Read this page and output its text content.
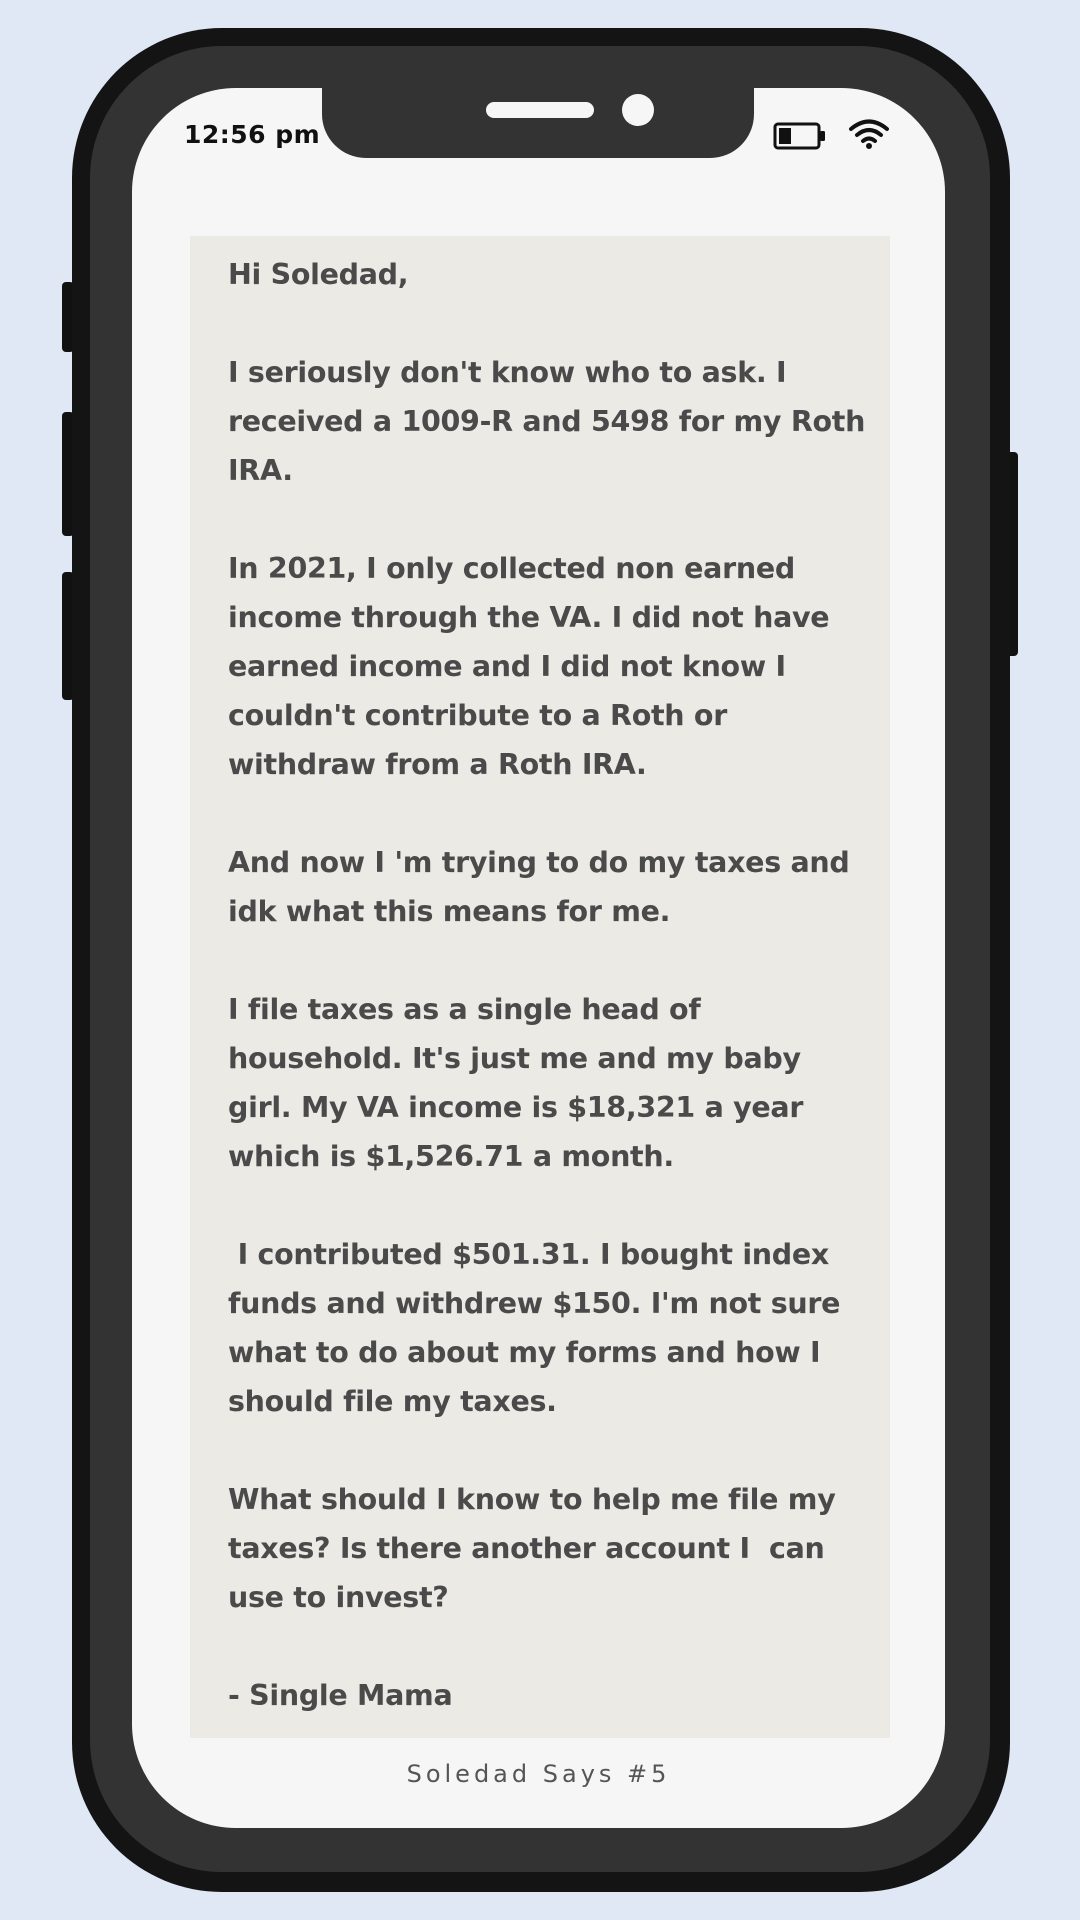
12:56 pm

Hi Soledad,

I seriously don't know who to ask. I received a 1009-R and 5498 for my Roth IRA.

In 2021, I only collected non earned income through the VA. I did not have earned income and I did not know I couldn't contribute to a Roth or withdraw from a Roth IRA.

And now I 'm trying to do my taxes and idk what this means for me.

I file taxes as a single head of household. It's just me and my baby girl. My VA income is $18,321 a year which is $1,526.71 a month.

I contributed $501.31. I bought index funds and withdrew $150. I'm not sure what to do about my forms and how I should file my taxes.

What should I know to help me file my taxes? Is there another account I  can use to invest?

- Single Mama

Soledad Says #5
